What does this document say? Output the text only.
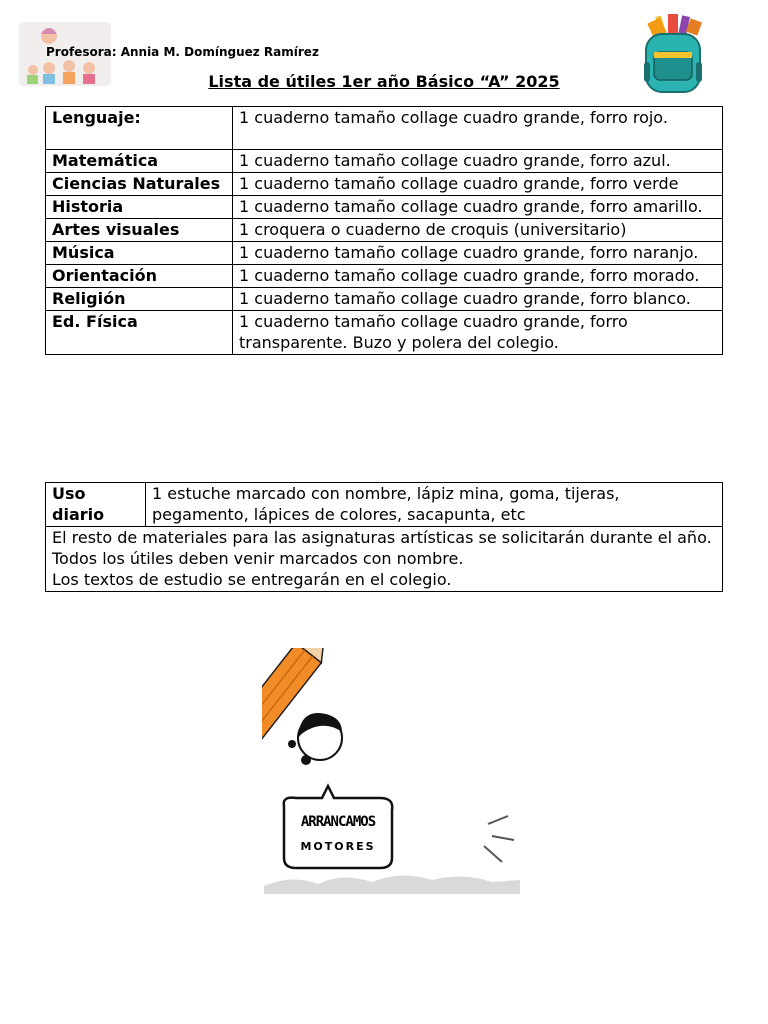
Profesora: Annia M. Domínguez Ramírez
Lista de útiles 1er año Básico “A” 2025
Lenguaje:	1 cuaderno tamaño collage cuadro grande, forro rojo.
Matemática	1 cuaderno tamaño collage cuadro grande, forro azul.
Ciencias Naturales	1 cuaderno tamaño collage cuadro grande, forro verde
Historia	1 cuaderno tamaño collage cuadro grande, forro amarillo.
Artes visuales	1 croquera o cuaderno de croquis (universitario)
Música	1 cuaderno tamaño collage cuadro grande, forro naranjo.
Orientación	1 cuaderno tamaño collage cuadro grande, forro morado.
Religión	1 cuaderno tamaño collage cuadro grande, forro blanco.
Ed. Física	1 cuaderno tamaño collage cuadro grande, forro transparente. Buzo y polera del colegio.
Uso diario	1 estuche marcado con nombre, lápiz mina, goma, tijeras, pegamento, lápices de colores, sacapunta, etc

El resto de materiales para las asignaturas artísticas se solicitarán durante el año.
Todos los útiles deben venir marcados con nombre.
Los textos de estudio se entregarán en el colegio.
ARRANCAMOS
MOTORES
